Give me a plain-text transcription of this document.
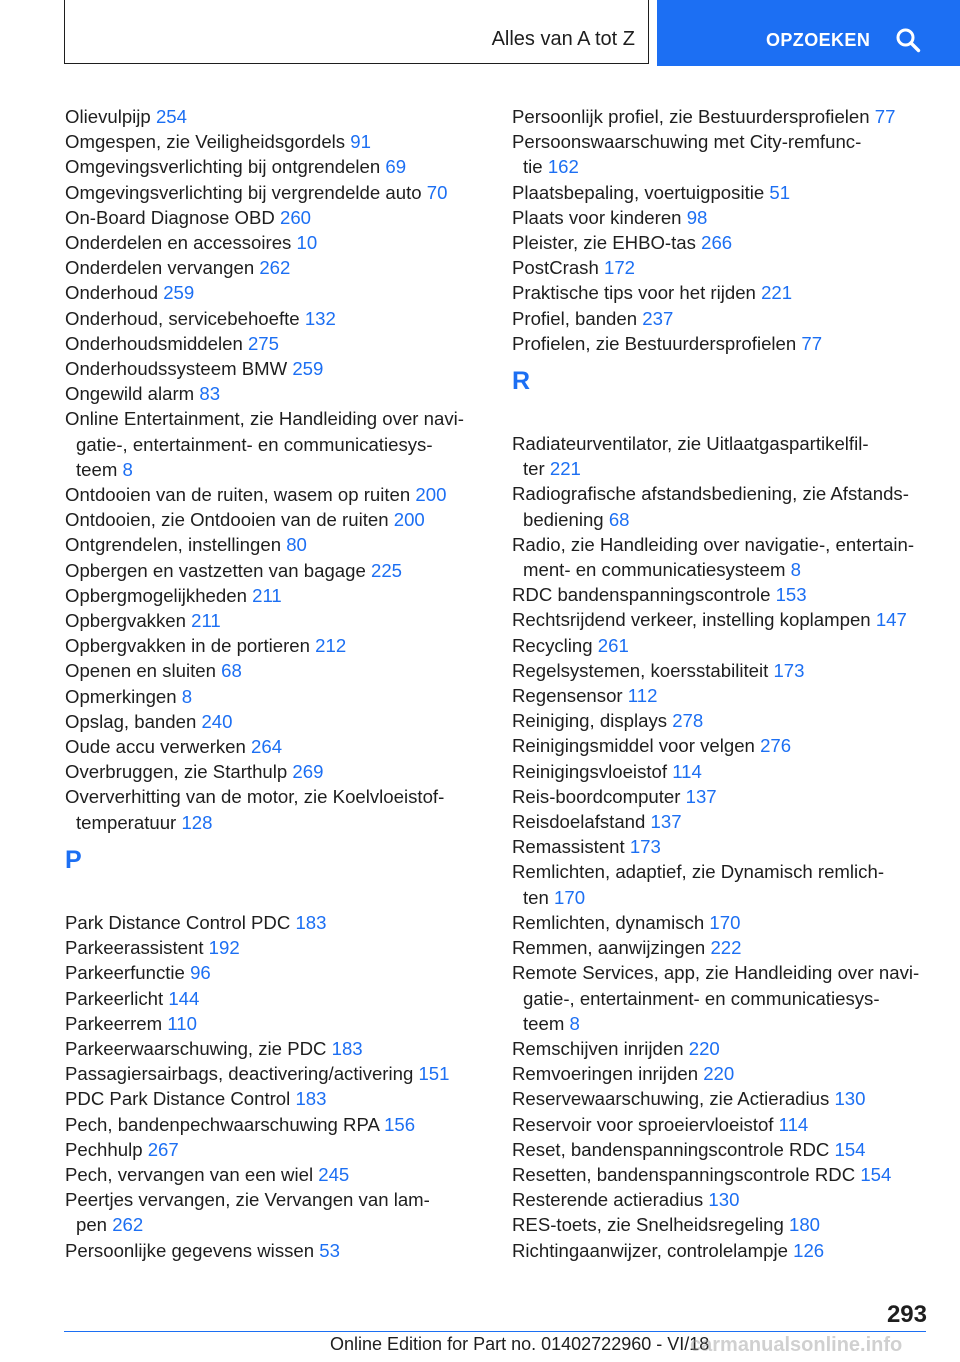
Alles van A tot Z	OPZOEKEN
Olievulpijp 254
Omgespen, zie Veiligheidsgordels 91
Omgevingsverlichting bij ontgrendelen 69
Omgevingsverlichting bij vergrendelde auto 70
On-Board Diagnose OBD 260
Onderdelen en accessoires 10
Onderdelen vervangen 262
Onderhoud 259
Onderhoud, servicebehoefte 132
Onderhoudsmiddelen 275
Onderhoudssysteem BMW 259
Ongewild alarm 83
Online Entertainment, zie Handleiding over navi-
gatie-, entertainment- en communicatiesys-
teem 8
Ontdooien van de ruiten, wasem op ruiten 200
Ontdooien, zie Ontdooien van de ruiten 200
Ontgrendelen, instellingen 80
Opbergen en vastzetten van bagage 225
Opbergmogelijkheden 211
Opbergvakken 211
Opbergvakken in de portieren 212
Openen en sluiten 68
Opmerkingen 8
Opslag, banden 240
Oude accu verwerken 264
Overbruggen, zie Starthulp 269
Oververhitting van de motor, zie Koelvloeistof-
temperatuur 128
P
Park Distance Control PDC 183
Parkeerassistent 192
Parkeerfunctie 96
Parkeerlicht 144
Parkeerrem 110
Parkeerwaarschuwing, zie PDC 183
Passagiersairbags, deactivering/activering 151
PDC Park Distance Control 183
Pech, bandenpechwaarschuwing RPA 156
Pechhulp 267
Pech, vervangen van een wiel 245
Peertjes vervangen, zie Vervangen van lam-
pen 262
Persoonlijke gegevens wissen 53
Persoonlijk profiel, zie Bestuurdersprofielen 77
Persoonswaarschuwing met City-remfunc-
tie 162
Plaatsbepaling, voertuigpositie 51
Plaats voor kinderen 98
Pleister, zie EHBO-tas 266
PostCrash 172
Praktische tips voor het rijden 221
Profiel, banden 237
Profielen, zie Bestuurdersprofielen 77
R
Radiateurventilator, zie Uitlaatgaspartikelfil-
ter 221
Radiografische afstandsbediening, zie Afstands-
bediening 68
Radio, zie Handleiding over navigatie-, entertain-
ment- en communicatiesysteem 8
RDC bandenspanningscontrole 153
Rechtsrijdend verkeer, instelling koplampen 147
Recycling 261
Regelsystemen, koersstabiliteit 173
Regensensor 112
Reiniging, displays 278
Reinigingsmiddel voor velgen 276
Reinigingsvloeistof 114
Reis-boordcomputer 137
Reisdoelafstand 137
Remassistent 173
Remlichten, adaptief, zie Dynamisch remlich-
ten 170
Remlichten, dynamisch 170
Remmen, aanwijzingen 222
Remote Services, app, zie Handleiding over navi-
gatie-, entertainment- en communicatiesys-
teem 8
Remschijven inrijden 220
Remvoeringen inrijden 220
Reservewaarschuwing, zie Actieradius 130
Reservoir voor sproeiervloeistof 114
Reset, bandenspanningscontrole RDC 154
Resetten, bandenspanningscontrole RDC 154
Resterende actieradius 130
RES-toets, zie Snelheidsregeling 180
Richtingaanwijzer, controlelampje 126
293
Online Edition for Part no. 01402722960 - VI/18
carmanualsonline.info
